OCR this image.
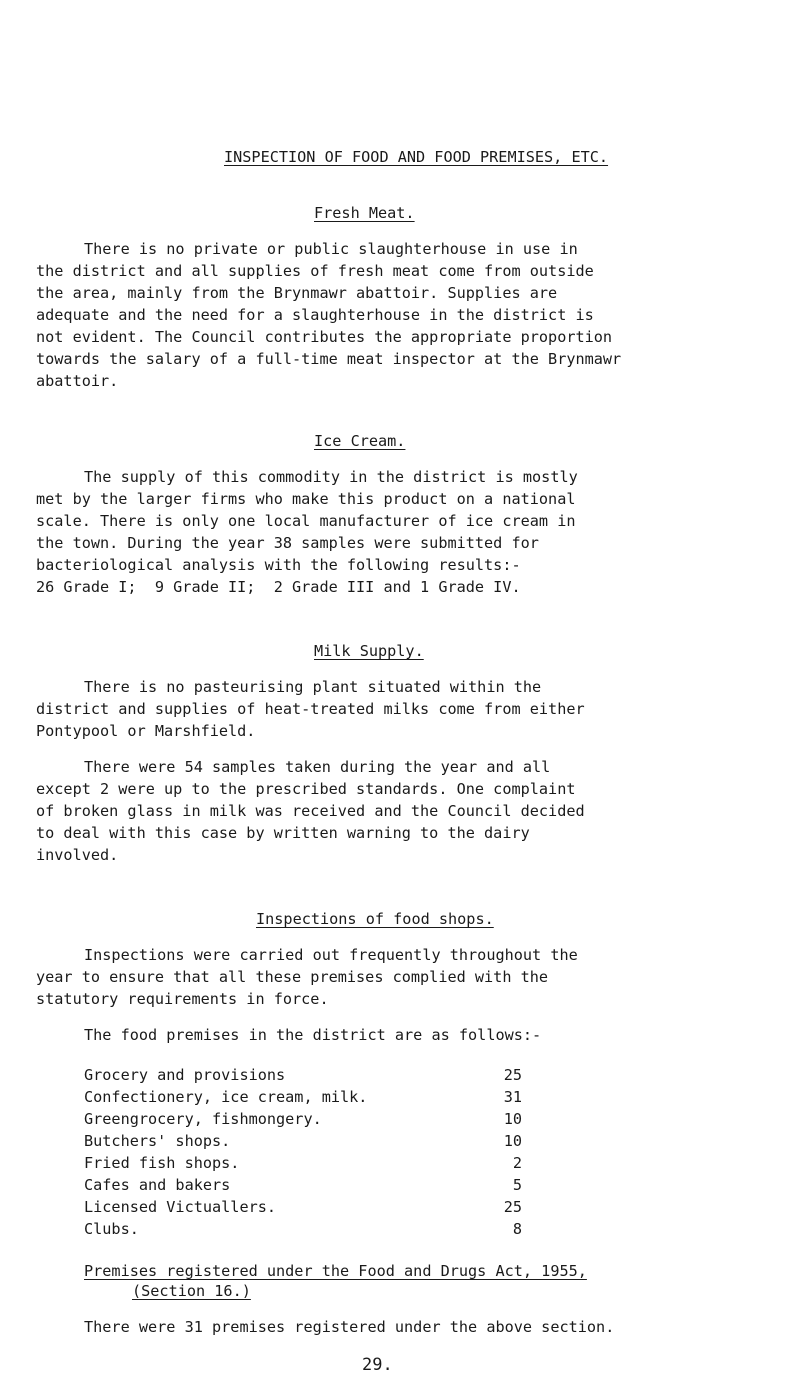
INSPECTION OF FOOD AND FOOD PREMISES, ETC.
Fresh Meat.
There is no private or public slaughterhouse in use in
the district and all supplies of fresh meat come from outside
the area, mainly from the Brynmawr abattoir. Supplies are
adequate and the need for a slaughterhouse in the district is
not evident. The Council contributes the appropriate proportion
towards the salary of a full-time meat inspector at the Brynmawr
abattoir.
Ice Cream.
The supply of this commodity in the district is mostly
met by the larger firms who make this product on a national
scale. There is only one local manufacturer of ice cream in
the town. During the year 38 samples were submitted for
bacteriological analysis with the following results:-
26 Grade I;  9 Grade II;  2 Grade III and 1 Grade IV.
Milk Supply.
There is no pasteurising plant situated within the
district and supplies of heat-treated milks come from either
Pontypool or Marshfield.
There were 54 samples taken during the year and all
except 2 were up to the prescribed standards. One complaint
of broken glass in milk was received and the Council decided
to deal with this case by written warning to the dairy
involved.
Inspections of food shops.
Inspections were carried out frequently throughout the
year to ensure that all these premises complied with the
statutory requirements in force.
The food premises in the district are as follows:-
Grocery and provisions	25
Confectionery, ice cream, milk.	31
Greengrocery, fishmongery.	10
Butchers' shops.	10
Fried fish shops.	2
Cafes and bakers	5
Licensed Victuallers.	25
Clubs.	8
Premises registered under the Food and Drugs Act, 1955,
(Section 16.)
There were 31 premises registered under the above section.
29.
